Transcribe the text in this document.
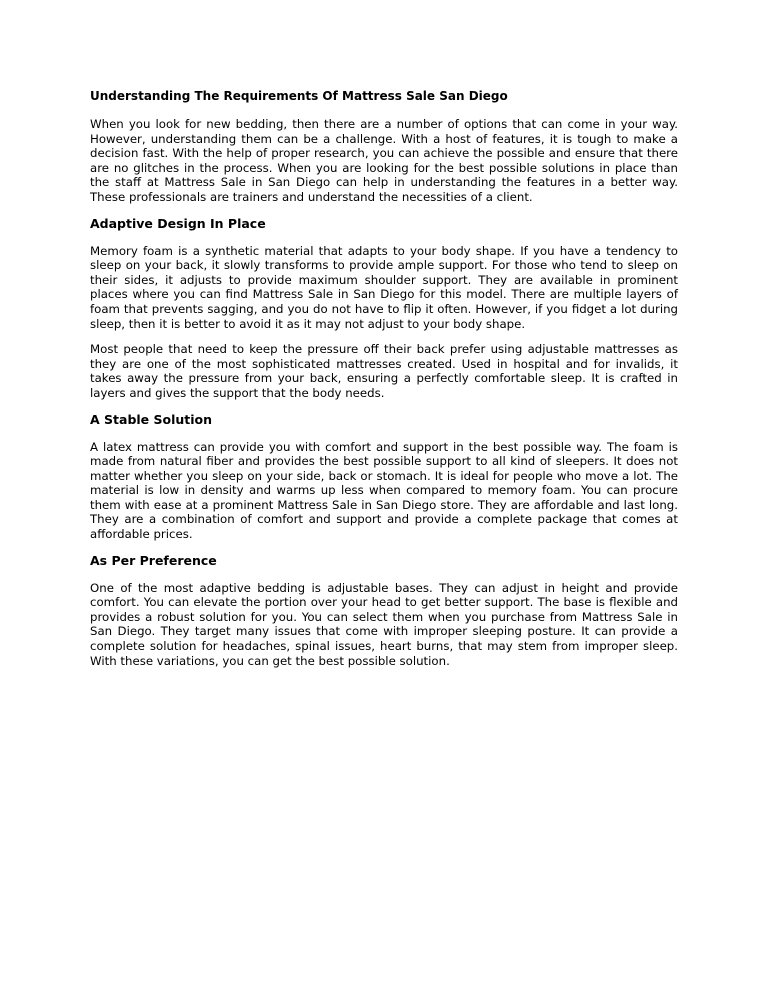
Understanding The Requirements Of Mattress Sale San Diego

When you look for new bedding, then there are a number of options that can come in your way. However, understanding them can be a challenge. With a host of features, it is tough to make a decision fast. With the help of proper research, you can achieve the possible and ensure that there are no glitches in the process. When you are looking for the best possible solutions in place than the staff at Mattress Sale in San Diego can help in understanding the features in a better way. These professionals are trainers and understand the necessities of a client.

Adaptive Design In Place

Memory foam is a synthetic material that adapts to your body shape. If you have a tendency to sleep on your back, it slowly transforms to provide ample support. For those who tend to sleep on their sides, it adjusts to provide maximum shoulder support. They are available in prominent places where you can find Mattress Sale in San Diego for this model. There are multiple layers of foam that prevents sagging, and you do not have to flip it often. However, if you fidget a lot during sleep, then it is better to avoid it as it may not adjust to your body shape.

Most people that need to keep the pressure off their back prefer using adjustable mattresses as they are one of the most sophisticated mattresses created. Used in hospital and for invalids, it takes away the pressure from your back, ensuring a perfectly comfortable sleep. It is crafted in layers and gives the support that the body needs.

A Stable Solution

A latex mattress can provide you with comfort and support in the best possible way. The foam is made from natural fiber and provides the best possible support to all kind of sleepers. It does not matter whether you sleep on your side, back or stomach. It is ideal for people who move a lot. The material is low in density and warms up less when compared to memory foam. You can procure them with ease at a prominent Mattress Sale in San Diego store. They are affordable and last long. They are a combination of comfort and support and provide a complete package that comes at affordable prices.

As Per Preference

One of the most adaptive bedding is adjustable bases. They can adjust in height and provide comfort. You can elevate the portion over your head to get better support. The base is flexible and provides a robust solution for you. You can select them when you purchase from Mattress Sale in San Diego. They target many issues that come with improper sleeping posture. It can provide a complete solution for headaches, spinal issues, heart burns, that may stem from improper sleep. With these variations, you can get the best possible solution.
